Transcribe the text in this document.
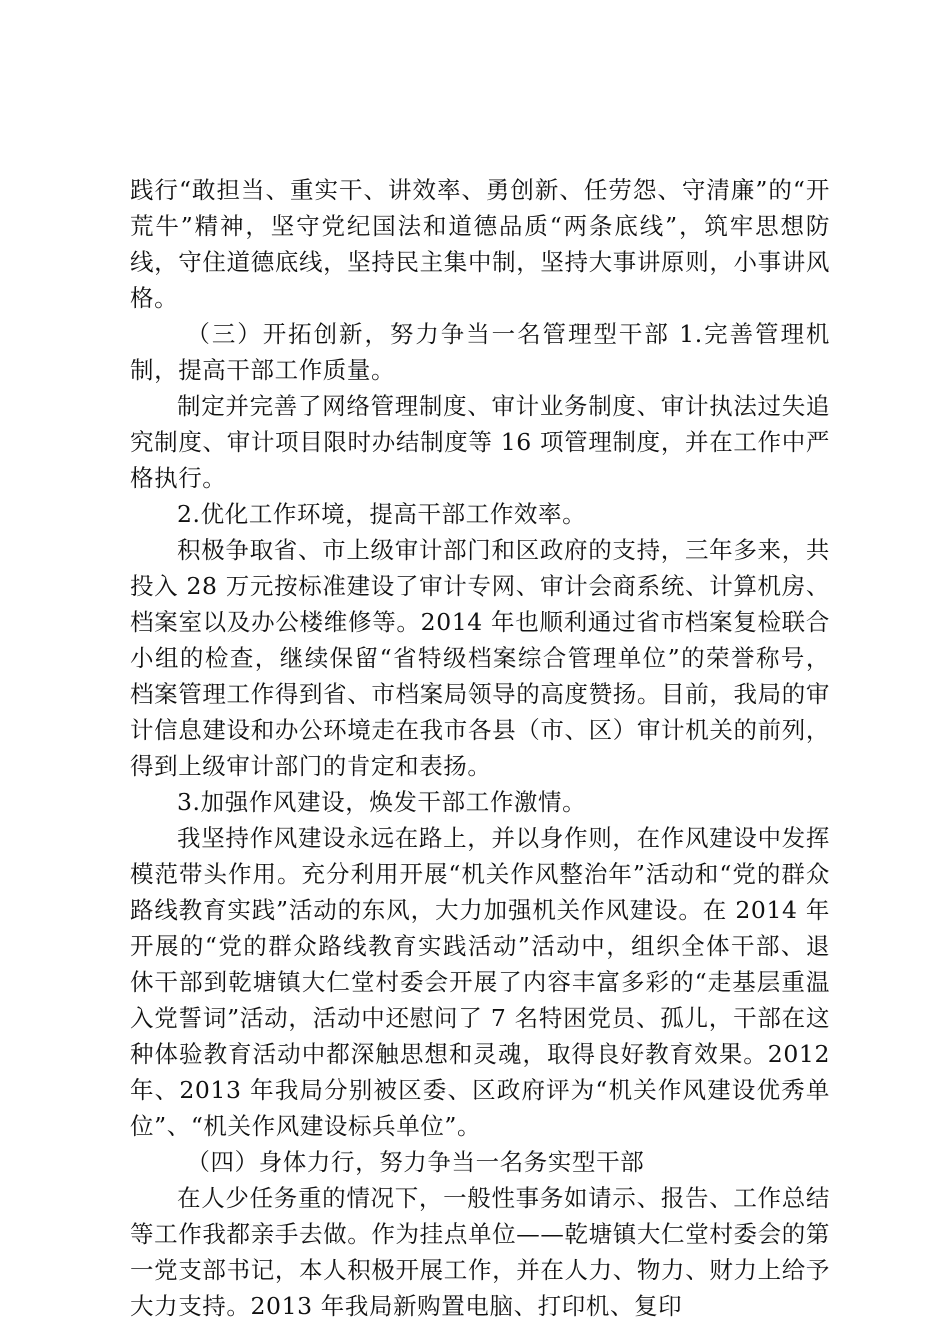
践行“敢担当、重实干、讲效率、勇创新、任劳怨、守清廉”的“开荒牛”精神，坚守党纪国法和道德品质“两条底线”，筑牢思想防线，守住道德底线，坚持民主集中制，坚持大事讲原则，小事讲风格。

（三）开拓创新，努力争当一名管理型干部 1.完善管理机制，提高干部工作质量。

制定并完善了网络管理制度、审计业务制度、审计执法过失追究制度、审计项目限时办结制度等 16 项管理制度，并在工作中严格执行。

2.优化工作环境，提高干部工作效率。

积极争取省、市上级审计部门和区政府的支持，三年多来，共投入 28 万元按标准建设了审计专网、审计会商系统、计算机房、档案室以及办公楼维修等。2014 年也顺利通过省市档案复检联合小组的检查，继续保留“省特级档案综合管理单位”的荣誉称号，档案管理工作得到省、市档案局领导的高度赞扬。目前，我局的审计信息建设和办公环境走在我市各县（市、区）审计机关的前列，得到上级审计部门的肯定和表扬。

3.加强作风建设，焕发干部工作激情。

我坚持作风建设永远在路上，并以身作则，在作风建设中发挥模范带头作用。充分利用开展“机关作风整治年”活动和“党的群众路线教育实践”活动的东风，大力加强机关作风建设。在 2014 年开展的“党的群众路线教育实践活动”活动中，组织全体干部、退休干部到乾塘镇大仁堂村委会开展了内容丰富多彩的“走基层重温入党誓词”活动，活动中还慰问了 7 名特困党员、孤儿，干部在这种体验教育活动中都深触思想和灵魂，取得良好教育效果。2012 年、2013 年我局分别被区委、区政府评为“机关作风建设优秀单位”、“机关作风建设标兵单位”。

（四）身体力行，努力争当一名务实型干部

在人少任务重的情况下，一般性事务如请示、报告、工作总结等工作我都亲手去做。作为挂点单位——乾塘镇大仁堂村委会的第一党支部书记，本人积极开展工作，并在人力、物力、财力上给予大力支持。2013 年我局新购置电脑、打印机、复印
